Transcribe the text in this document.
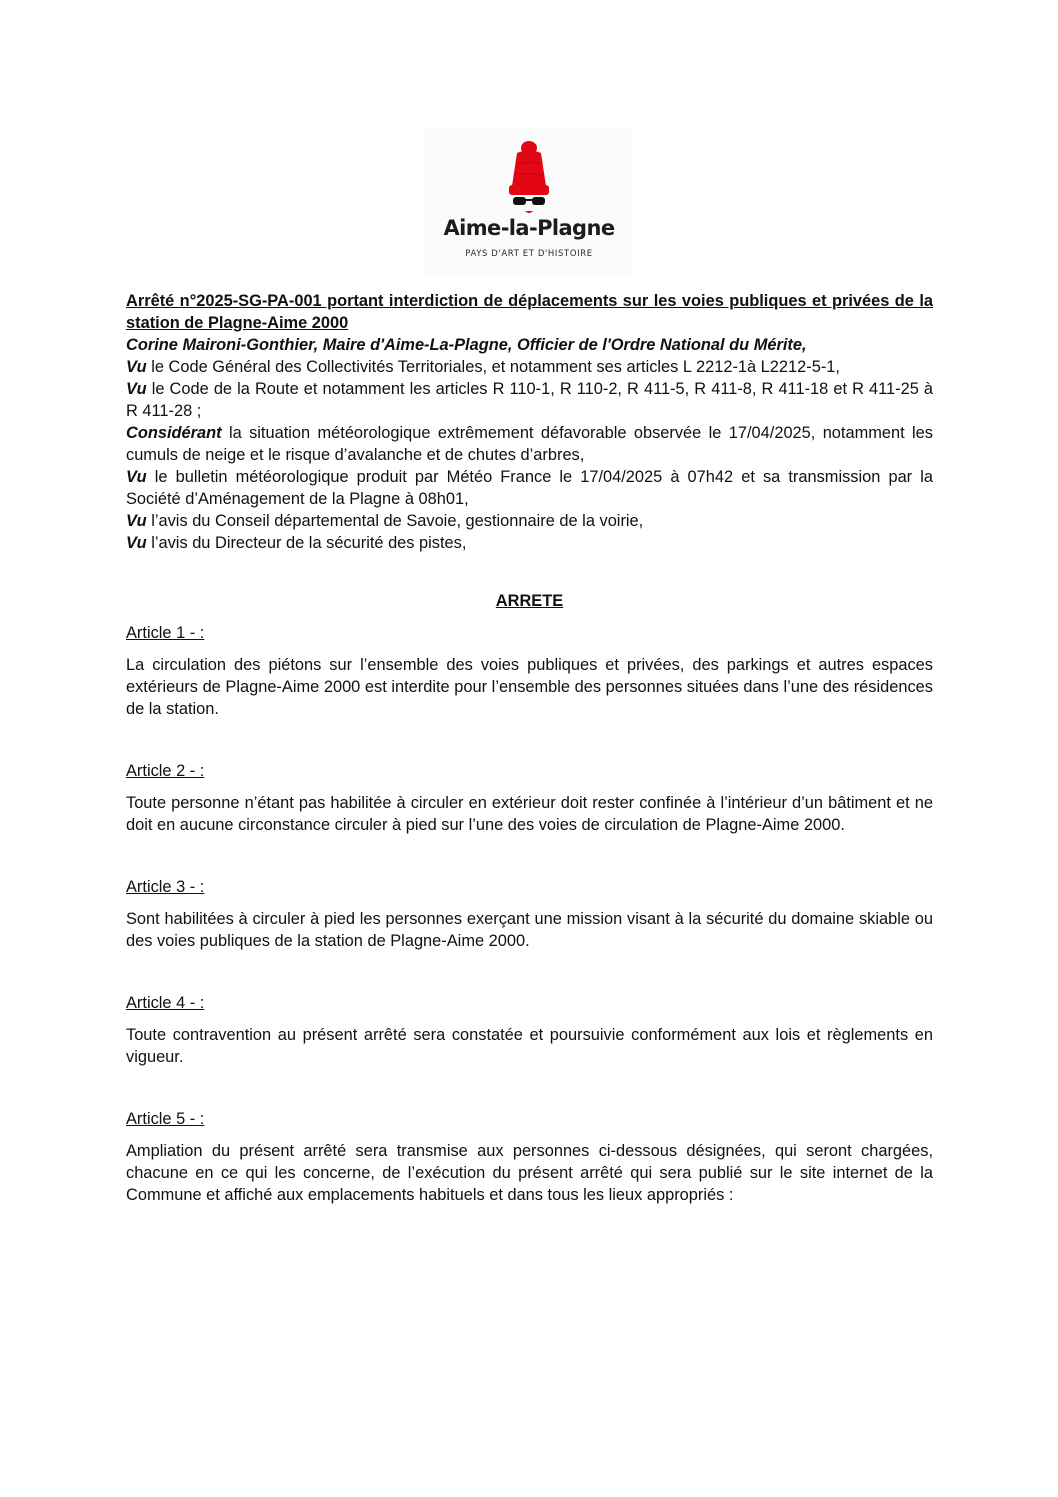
Aime-la-Plagne
PAYS D'ART ET D'HISTOIRE

Arrêté n°2025-SG-PA-001 portant interdiction de déplacements sur les voies publiques et privées de la station de Plagne-Aime 2000

Corine Maironi-Gonthier, Maire d'Aime-La-Plagne, Officier de l'Ordre National du Mérite,

Vu le Code Général des Collectivités Territoriales, et notamment ses articles L 2212-1à L2212-5-1,

Vu le Code de la Route et notamment les articles R 110-1, R 110-2, R 411-5, R 411-8, R 411-18 et R 411-25 à R 411-28 ;

Considérant la situation météorologique extrêmement défavorable observée le 17/04/2025, notamment les cumuls de neige et le risque d’avalanche et de chutes d’arbres,

Vu le bulletin météorologique produit par Météo France le 17/04/2025 à 07h42 et sa transmission par la Société d’Aménagement de la Plagne à 08h01,

Vu l’avis du Conseil départemental de Savoie, gestionnaire de la voirie,

Vu l’avis du Directeur de la sécurité des pistes,

ARRETE

Article 1 - :

La circulation des piétons sur l’ensemble des voies publiques et privées, des parkings et autres espaces extérieurs de Plagne-Aime 2000 est interdite pour l’ensemble des personnes situées dans l’une des résidences de la station.

Article 2 - :

Toute personne n’étant pas habilitée à circuler en extérieur doit rester confinée à l’intérieur d’un bâtiment et ne doit en aucune circonstance circuler à pied sur l’une des voies de circulation de Plagne-Aime 2000.

Article 3 - :

Sont habilitées à circuler à pied les personnes exerçant une mission visant à la sécurité du domaine skiable ou des voies publiques de la station de Plagne-Aime 2000.

Article 4 - :

Toute contravention au présent arrêté sera constatée et poursuivie conformément aux lois et règlements en vigueur.

Article 5 - :

Ampliation du présent arrêté sera transmise aux personnes ci-dessous désignées, qui seront chargées, chacune en ce qui les concerne, de l’exécution du présent arrêté qui sera publié sur le site internet de la Commune et affiché aux emplacements habituels et dans tous les lieux appropriés :
